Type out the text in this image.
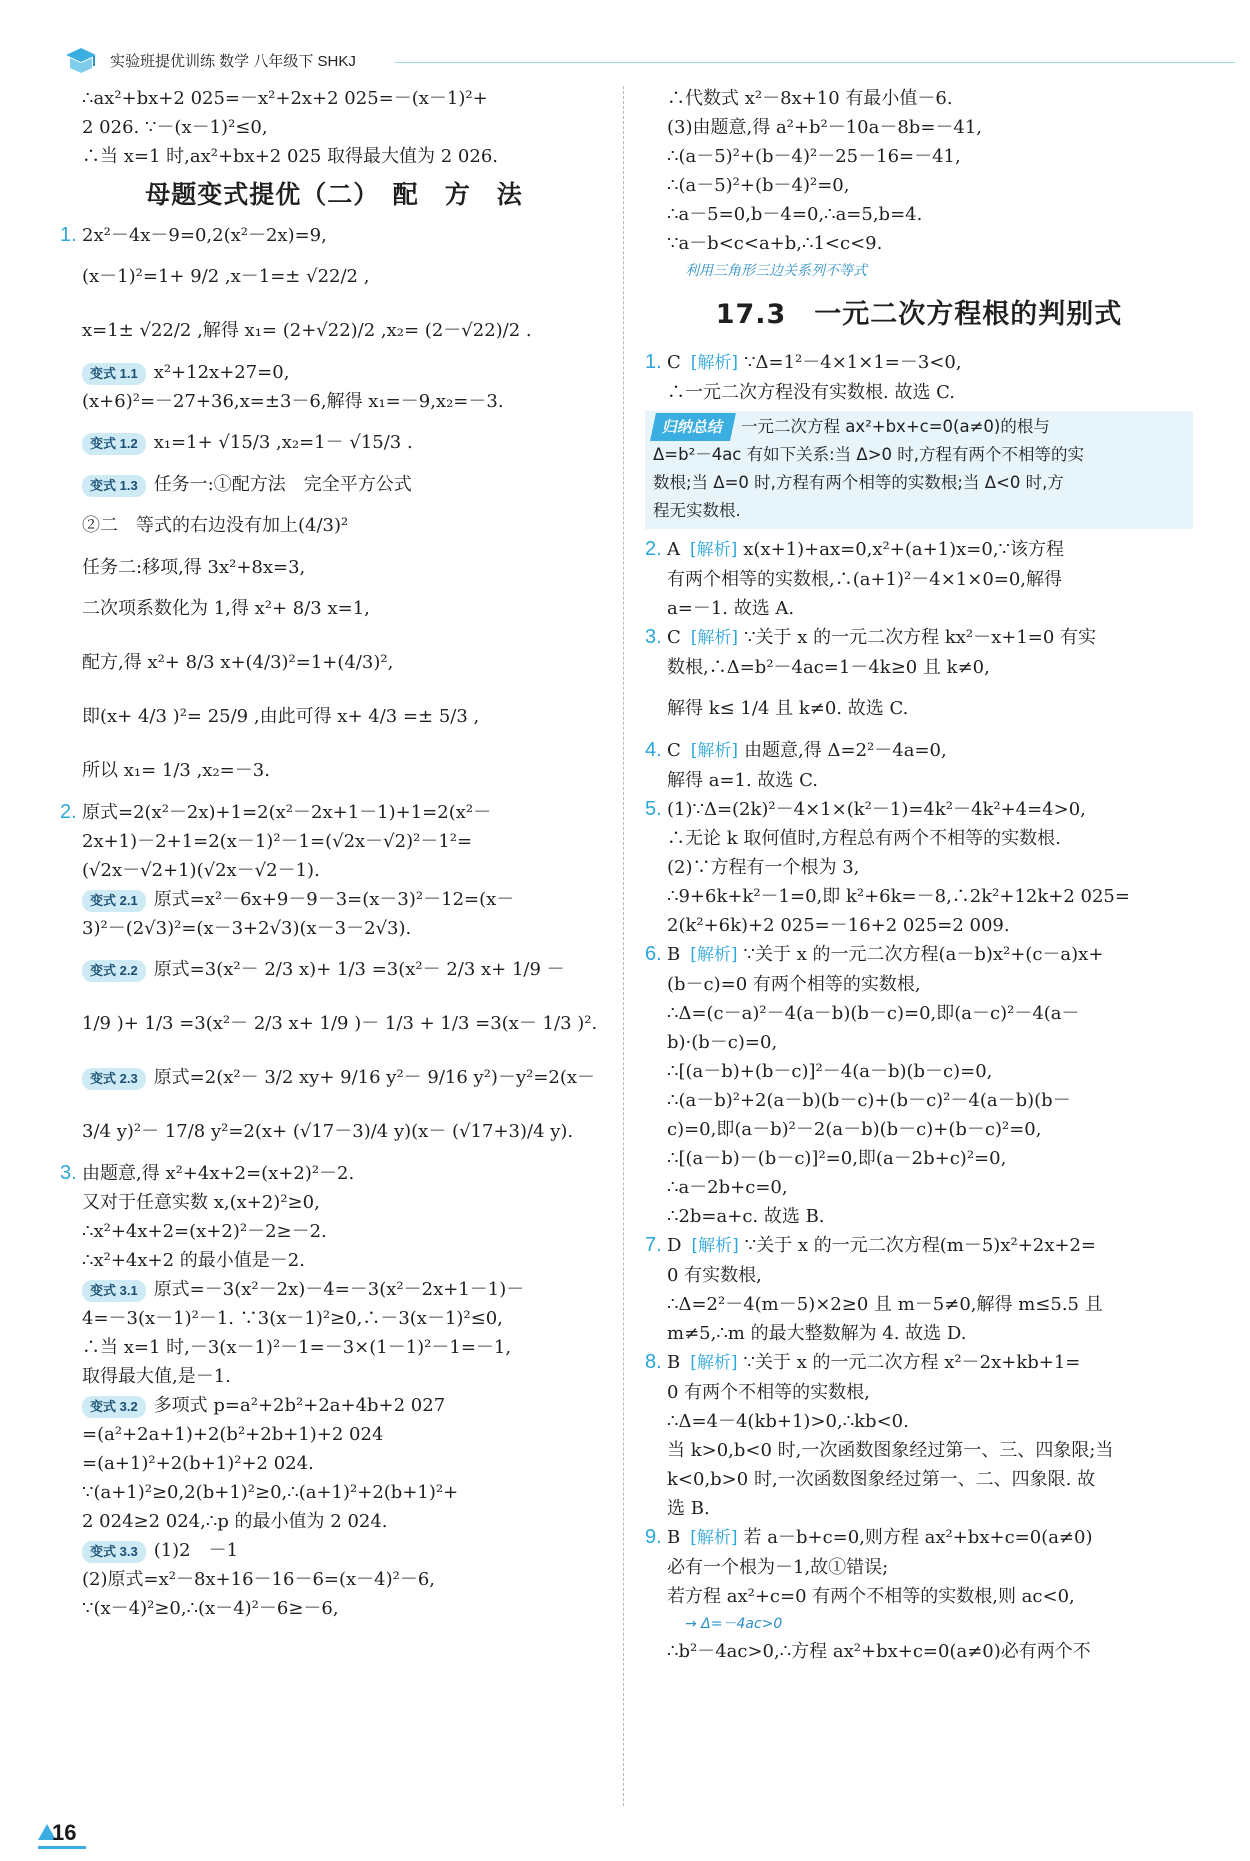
实验班提优训练 数学 八年级下 SHKJ

∴ax²+bx+2 025=－x²+2x+2 025=－(x－1)²+

2 026. ∵－(x－1)²≤0,

∴当 x=1 时,ax²+bx+2 025 取得最大值为 2 026.

母题变式提优（二）　配　方　法

1. 2x²－4x－9=0,2(x²－2x)=9,

(x－1)²=1+ 9/2 ,x－1=± √22/2 ,

x=1± √22/2 ,解得 x₁= (2+√22)/2 ,x₂= (2－√22)/2 .

变式 1.1 x²+12x+27=0,

(x+6)²=－27+36,x=±3－6,解得 x₁=－9,x₂=－3.

变式 1.2 x₁=1+ √15/3 ,x₂=1－ √15/3 .

变式 1.3 任务一:①配方法　完全平方公式

②二　等式的右边没有加上(4/3)²

任务二:移项,得 3x²+8x=3,

二次项系数化为 1,得 x²+ 8/3 x=1,

配方,得 x²+ 8/3 x+(4/3)²=1+(4/3)²,

即(x+ 4/3 )²= 25/9 ,由此可得 x+ 4/3 =± 5/3 ,

所以 x₁= 1/3 ,x₂=－3.

2. 原式=2(x²－2x)+1=2(x²－2x+1－1)+1=2(x²－

2x+1)－2+1=2(x－1)²－1=(√2x－√2)²－1²=

(√2x－√2+1)(√2x－√2－1).

变式 2.1 原式=x²－6x+9－9－3=(x－3)²－12=(x－

3)²－(2√3)²=(x－3+2√3)(x－3－2√3).

变式 2.2 原式=3(x²－ 2/3 x)+ 1/3 =3(x²－ 2/3 x+ 1/9 －

1/9 )+ 1/3 =3(x²－ 2/3 x+ 1/9 )－ 1/3 + 1/3 =3(x－ 1/3 )².

变式 2.3 原式=2(x²－ 3/2 xy+ 9/16 y²－ 9/16 y²)－y²=2(x－

3/4 y)²－ 17/8 y²=2(x+ (√17－3)/4 y)(x－ (√17+3)/4 y).

3. 由题意,得 x²+4x+2=(x+2)²－2.

又对于任意实数 x,(x+2)²≥0,

∴x²+4x+2=(x+2)²－2≥－2.

∴x²+4x+2 的最小值是－2.

变式 3.1 原式=－3(x²－2x)－4=－3(x²－2x+1－1)－

4=－3(x－1)²－1. ∵3(x－1)²≥0,∴－3(x－1)²≤0,

∴当 x=1 时,－3(x－1)²－1=－3×(1－1)²－1=－1,

取得最大值,是－1.

变式 3.2 多项式 p=a²+2b²+2a+4b+2 027

=(a²+2a+1)+2(b²+2b+1)+2 024

=(a+1)²+2(b+1)²+2 024.

∵(a+1)²≥0,2(b+1)²≥0,∴(a+1)²+2(b+1)²+

2 024≥2 024,∴p 的最小值为 2 024.

变式 3.3 (1)2　－1

(2)原式=x²－8x+16－16－6=(x－4)²－6,

∵(x－4)²≥0,∴(x－4)²－6≥－6,

∴代数式 x²－8x+10 有最小值－6.

(3)由题意,得 a²+b²－10a－8b=－41,

∴(a－5)²+(b－4)²－25－16=－41,

∴(a－5)²+(b－4)²=0,

∴a－5=0,b－4=0,∴a=5,b=4.

∵a－b<c<a+b,∴1<c<9.

利用三角形三边关系列不等式
17.3　一元二次方程根的判别式

1. C [ 解析 ] ∵Δ=1²－4×1×1=－3<0,

∴一元二次方程没有实数根. 故选 C.

归纳总结 一元二次方程 ax²+bx+c=0(a≠0)的根与

Δ=b²－4ac 有如下关系:当 Δ>0 时,方程有两个不相等的实

数根;当 Δ=0 时,方程有两个相等的实数根;当 Δ<0 时,方

程无实数根.

2. A [ 解析 ] x(x+1)+ax=0,x²+(a+1)x=0,∵该方程

有两个相等的实数根,∴(a+1)²－4×1×0=0,解得

a=－1. 故选 A.

3. C [ 解析 ] ∵关于 x 的一元二次方程 kx²－x+1=0 有实

数根,∴Δ=b²－4ac=1－4k≥0 且 k≠0,

解得 k≤ 1/4 且 k≠0. 故选 C.

4. C [ 解析 ] 由题意,得 Δ=2²－4a=0,

解得 a=1. 故选 C.

5. (1)∵Δ=(2k)²－4×1×(k²－1)=4k²－4k²+4=4>0,

∴无论 k 取何值时,方程总有两个不相等的实数根.

(2)∵方程有一个根为 3,

∴9+6k+k²－1=0,即 k²+6k=－8,∴2k²+12k+2 025=

2(k²+6k)+2 025=－16+2 025=2 009.

6. B [ 解析 ] ∵关于 x 的一元二次方程(a－b)x²+(c－a)x+

(b－c)=0 有两个相等的实数根,

∴Δ=(c－a)²－4(a－b)(b－c)=0,即(a－c)²－4(a－

b)·(b－c)=0,

∴[(a－b)+(b－c)]²－4(a－b)(b－c)=0,

∴(a－b)²+2(a－b)(b－c)+(b－c)²－4(a－b)(b－

c)=0,即(a－b)²－2(a－b)(b－c)+(b－c)²=0,

∴[(a－b)－(b－c)]²=0,即(a－2b+c)²=0,

∴a－2b+c=0,

∴2b=a+c. 故选 B.

7. D [ 解析 ] ∵关于 x 的一元二次方程(m－5)x²+2x+2=

0 有实数根,

∴Δ=2²－4(m－5)×2≥0 且 m－5≠0,解得 m≤5.5 且

m≠5,∴m 的最大整数解为 4. 故选 D.

8. B [ 解析 ] ∵关于 x 的一元二次方程 x²－2x+kb+1=

0 有两个不相等的实数根,

∴Δ=4－4(kb+1)>0,∴kb<0.

当 k>0,b<0 时,一次函数图象经过第一、三、四象限;当

k<0,b>0 时,一次函数图象经过第一、二、四象限. 故

选 B.

9. B [ 解析 ] 若 a－b+c=0,则方程 ax²+bx+c=0(a≠0)

必有一个根为－1,故①错误;

若方程 ax²+c=0 有两个不相等的实数根,则 ac<0,

→ Δ=－4ac>0

∴b²－4ac>0,∴方程 ax²+bx+c=0(a≠0)必有两个不

16
